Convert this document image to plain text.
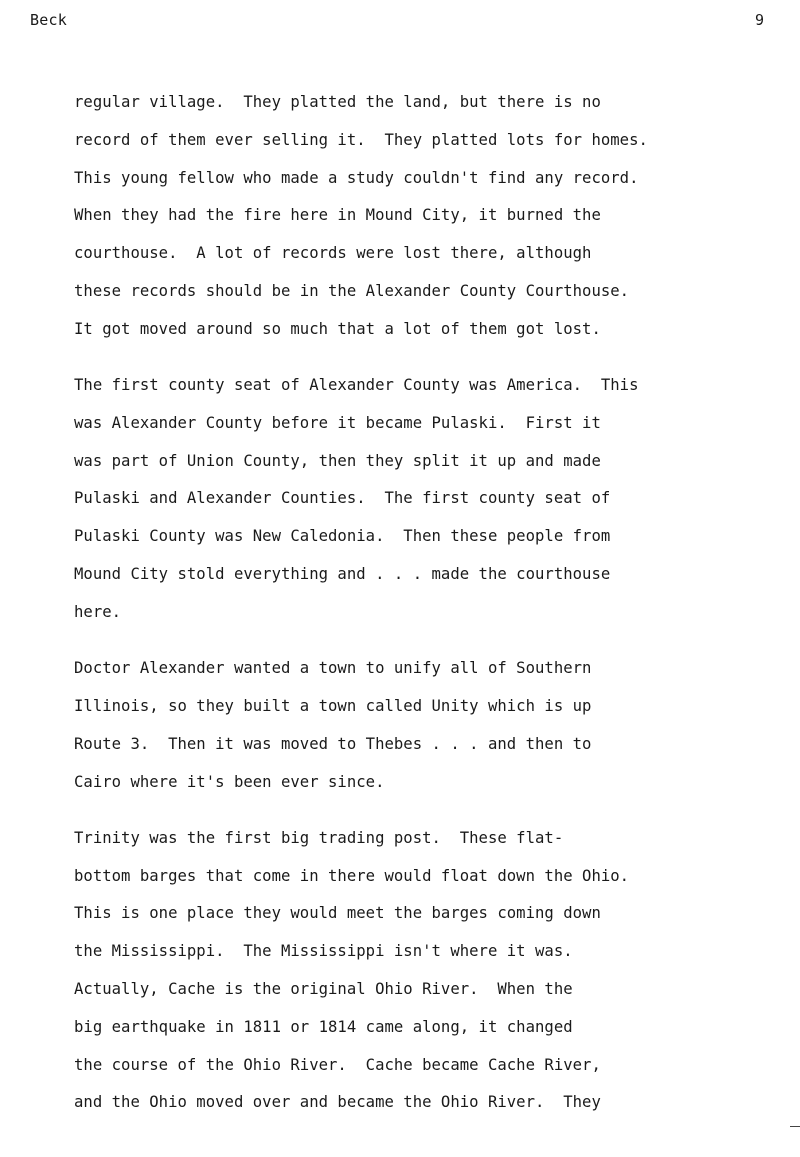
Beck	9
regular village.  They platted the land, but there is no
record of them ever selling it.  They platted lots for homes.
This young fellow who made a study couldn't find any record.
When they had the fire here in Mound City, it burned the
courthouse.  A lot of records were lost there, although
these records should be in the Alexander County Courthouse.
It got moved around so much that a lot of them got lost.
The first county seat of Alexander County was America.  This
was Alexander County before it became Pulaski.  First it
was part of Union County, then they split it up and made
Pulaski and Alexander Counties.  The first county seat of
Pulaski County was New Caledonia.  Then these people from
Mound City stold everything and . . . made the courthouse
here.
Doctor Alexander wanted a town to unify all of Southern
Illinois, so they built a town called Unity which is up
Route 3.  Then it was moved to Thebes . . . and then to
Cairo where it's been ever since.
Trinity was the first big trading post.  These flat-
bottom barges that come in there would float down the Ohio.
This is one place they would meet the barges coming down
the Mississippi.  The Mississippi isn't where it was.
Actually, Cache is the original Ohio River.  When the
big earthquake in 1811 or 1814 came along, it changed
the course of the Ohio River.  Cache became Cache River,
and the Ohio moved over and became the Ohio River.  They
